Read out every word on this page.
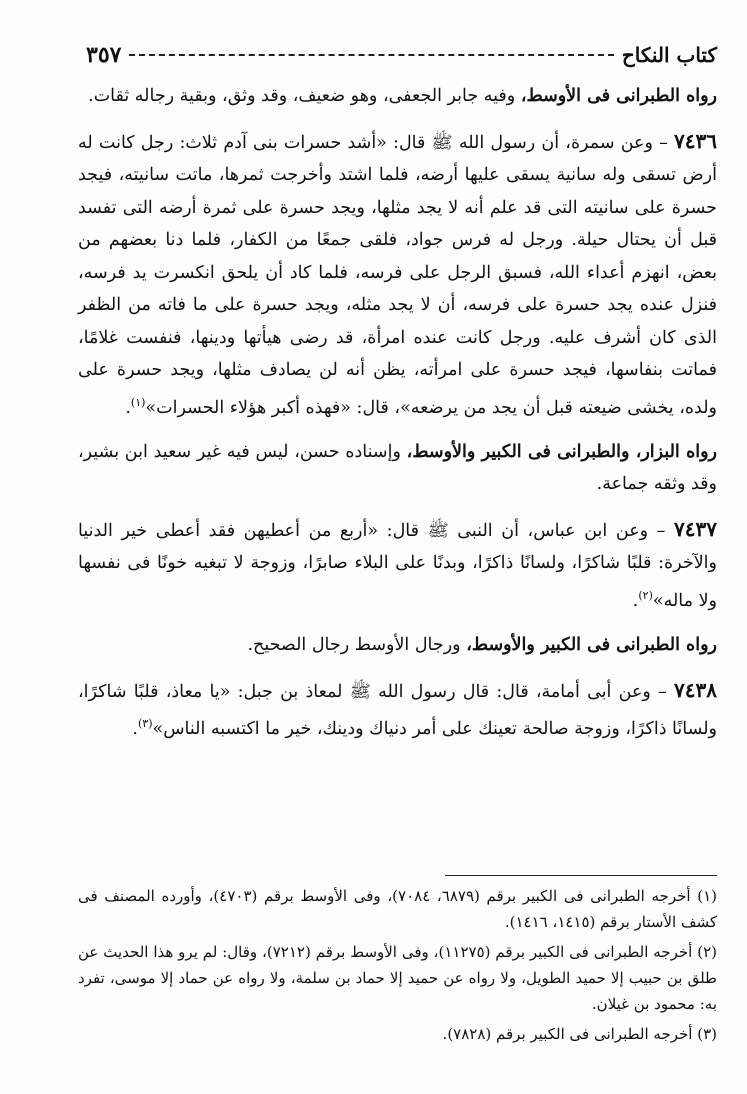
كتاب النكاح
٣٥٧

رواه الطبرانى فى الأوسط، وفيه جابر الجعفى، وهو ضعيف، وقد وثق، وبقية رجاله ثقات.

٧٤٣٦ – وعن سمرة، أن رسول الله ﷺ قال: «أشد حسرات بنى آدم ثلاث: رجل كانت له أرض تسقى وله سانية يسقى عليها أرضه، فلما اشتد وأخرجت ثمرها، ماتت سانيته، فيجد حسرة على سانيته التى قد علم أنه لا يجد مثلها، ويجد حسرة على ثمرة أرضه التى تفسد قبل أن يحتال حيلة. ورجل له فرس جواد، فلقى جمعًا من الكفار، فلما دنا بعضهم من بعض، انهزم أعداء الله، فسبق الرجل على فرسه، فلما كاد أن يلحق انكسرت يد فرسه، فنزل عنده يجد حسرة على فرسه، أن لا يجد مثله، ويجد حسرة على ما فاته من الظفر الذى كان أشرف عليه. ورجل كانت عنده امرأة، قد رضى هيأتها ودينها، فنفست غلامًا، فماتت بنفاسها، فيجد حسرة على امرأته، يظن أنه لن يصادف مثلها، ويجد حسرة على ولده، يخشى ضيعته قبل أن يجد من يرضعه»، قال: «فهذه أكبر هؤلاء الحسرات»$^{(١)}$.

رواه البزار، والطبرانى فى الكبير والأوسط، وإسناده حسن، ليس فيه غير سعيد ابن بشير، وقد وثقه جماعة.

٧٤٣٧ – وعن ابن عباس، أن النبى ﷺ قال: «أربع من أعطيهن فقد أعطى خير الدنيا والآخرة: قلبًا شاكرًا، ولسانًا ذاكرًا، وبدنًا على البلاء صابرًا، وزوجة لا تبغيه خونًا فى نفسها ولا ماله»$^{(٢)}$.

رواه الطبرانى فى الكبير والأوسط، ورجال الأوسط رجال الصحيح.

٧٤٣٨ – وعن أبى أمامة، قال: قال رسول الله ﷺ لمعاذ بن جبل: «يا معاذ، قلبًا شاكرًا، ولسانًا ذاكرًا، وزوجة صالحة تعينك على أمر دنياك ودينك، خير ما اكتسبه الناس»$^{(٣)}$.

(١) أخرجه الطبرانى فى الكبير برقم (٦٨٧٩، ٧٠٨٤)، وفى الأوسط برقم (٤٧٠٣)، وأورده المصنف فى كشف الأستار برقم (١٤١٥، ١٤١٦).

(٢) أخرجه الطبرانى فى الكبير برقم (١١٢٧٥)، وفى الأوسط برقم (٧٢١٢)، وقال: لم يرو هذا الحديث عن طلق بن حبيب إلا حميد الطويل، ولا رواه عن حميد إلا حماد بن سلمة، ولا رواه عن حماد إلا موسى، تفرد به: محمود بن غيلان.

(٣) أخرجه الطبرانى فى الكبير برقم (٧٨٢٨).
